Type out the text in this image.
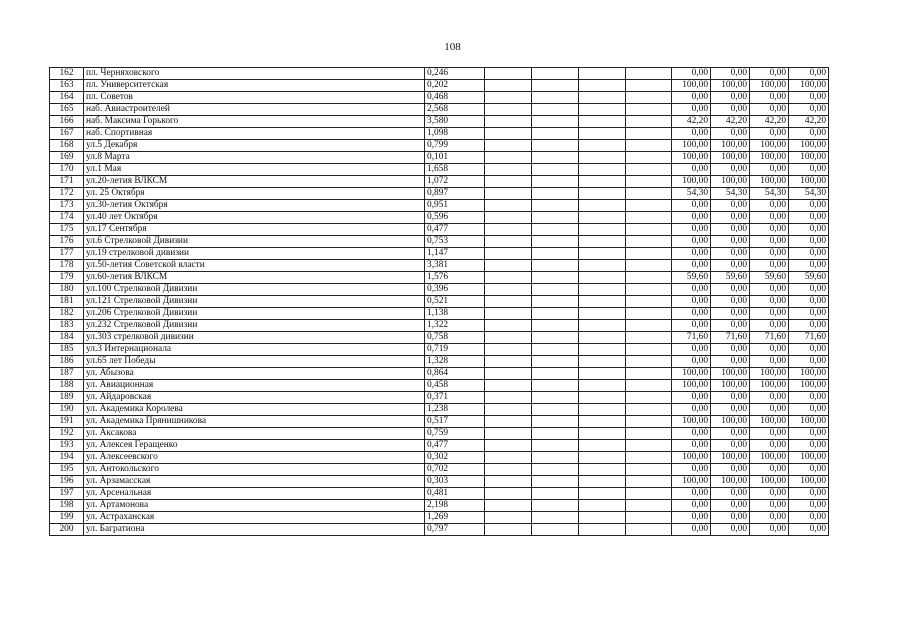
108
162	пл. Черняховского	0,246					0,00	0,00	0,00	0,00
163	пл. Университетская	0,202					100,00	100,00	100,00	100,00
164	пл. Советов	0,468					0,00	0,00	0,00	0,00
165	наб. Авиастроителей	2,568					0,00	0,00	0,00	0,00
166	наб. Максима Горького	3,580					42,20	42,20	42,20	42,20
167	наб. Спортивная	1,098					0,00	0,00	0,00	0,00
168	ул.5 Декабря	0,799					100,00	100,00	100,00	100,00
169	ул.8 Марта	0,101					100,00	100,00	100,00	100,00
170	ул.1 Мая	1,658					0,00	0,00	0,00	0,00
171	ул.20-летия ВЛКСМ	1,072					100,00	100,00	100,00	100,00
172	ул. 25 Октября	0,897					54,30	54,30	54,30	54,30
173	ул.30-летия Октября	0,951					0,00	0,00	0,00	0,00
174	ул.40 лет Октября	0,596					0,00	0,00	0,00	0,00
175	ул.17 Сентября	0,477					0,00	0,00	0,00	0,00
176	ул.6 Стрелковой Дивизии	0,753					0,00	0,00	0,00	0,00
177	ул.19 стрелковой дивизии	1,147					0,00	0,00	0,00	0,00
178	ул.50-летия Советской власти	3,381					0,00	0,00	0,00	0,00
179	ул.60-летия ВЛКСМ	1,576					59,60	59,60	59,60	59,60
180	ул.100 Стрелковой Дивизии	0,396					0,00	0,00	0,00	0,00
181	ул.121 Стрелковой Дивизии	0,521					0,00	0,00	0,00	0,00
182	ул.206 Стрелковой Дивизии	1,138					0,00	0,00	0,00	0,00
183	ул.232 Стрелковой Дивизии	1,322					0,00	0,00	0,00	0,00
184	ул.303 стрелковой дивизии	0,758					71,60	71,60	71,60	71,60
185	ул.3 Интернационала	0,719					0,00	0,00	0,00	0,00
186	ул.65 лет Победы	1,328					0,00	0,00	0,00	0,00
187	ул. Абызова	0,864					100,00	100,00	100,00	100,00
188	ул. Авиационная	0,458					100,00	100,00	100,00	100,00
189	ул. Айдаровская	0,371					0,00	0,00	0,00	0,00
190	ул. Академика Королева	1,238					0,00	0,00	0,00	0,00
191	ул. Академика Прянишникова	0,517					100,00	100,00	100,00	100,00
192	ул. Аксакова	0,759					0,00	0,00	0,00	0,00
193	ул. Алексея Геращенко	0,477					0,00	0,00	0,00	0,00
194	ул. Алексеевского	0,302					100,00	100,00	100,00	100,00
195	ул. Антокольского	0,702					0,00	0,00	0,00	0,00
196	ул. Арзамасская	0,303					100,00	100,00	100,00	100,00
197	ул. Арсенальная	0,481					0,00	0,00	0,00	0,00
198	ул. Артамонова	2,198					0,00	0,00	0,00	0,00
199	ул. Астраханская	1,269					0,00	0,00	0,00	0,00
200	ул. Багратиона	0,797					0,00	0,00	0,00	0,00
